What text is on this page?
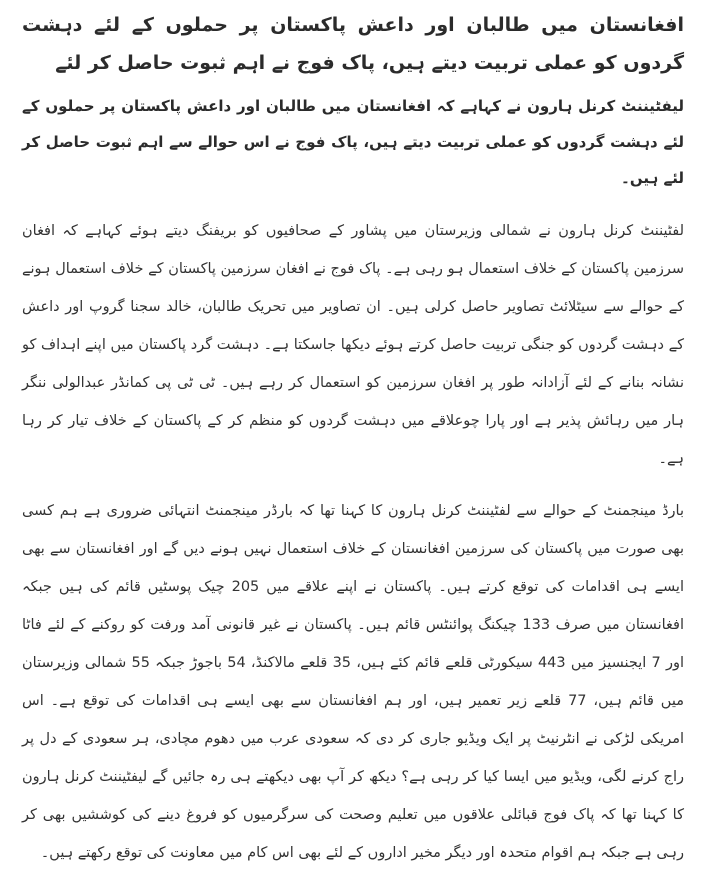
افغانستان میں طالبان اور داعش پاکستان پر حملوں کے لئے دہشت گردوں کو عملی تربیت دیتے ہیں، پاک فوج نے اہم ثبوت حاصل کر لئے

لیفٹیننٹ کرنل ہارون نے کہاہے کہ افغانستان میں طالبان اور داعش پاکستان پر حملوں کے لئے دہشت گردوں کو عملی تربیت دیتے ہیں، پاک فوج نے اس حوالے سے اہم ثبوت حاصل کر لئے ہیں۔

لفٹیننٹ کرنل ہارون نے شمالی وزیرستان میں پشاور کے صحافیوں کو بریفنگ دیتے ہوئے کہاہے کہ افغان سرزمین پاکستان کے خلاف استعمال ہو رہی ہے۔ پاک فوج نے افغان سرزمین پاکستان کے خلاف استعمال ہونے کے حوالے سے سیٹلائٹ تصاویر حاصل کرلی ہیں۔ ان تصاویر میں تحریک طالبان، خالد سجنا گروپ اور داعش کے دہشت گردوں کو جنگی تربیت حاصل کرتے ہوئے دیکھا جاسکتا ہے۔ دہشت گرد پاکستان میں اپنے اہداف کو نشانہ بنانے کے لئے آزادانہ طور پر افغان سرزمین کو استعمال کر رہے ہیں۔ ٹی ٹی پی کمانڈر عبدالولی ننگر ہار میں رہائش پذیر ہے اور پارا چوعلاقے میں دہشت گردوں کو منظم کر کے پاکستان کے خلاف تیار کر رہا ہے۔

بارڈ مینجمنٹ کے حوالے سے لفٹیننٹ کرنل ہارون کا کہنا تھا کہ بارڈر مینجمنٹ انتہائی ضروری ہے ہم کسی بھی صورت میں پاکستان کی سرزمین افغانستان کے خلاف استعمال نہیں ہونے دیں گے اور افغانستان سے بھی ایسے ہی اقدامات کی توقع کرتے ہیں۔ پاکستان نے اپنے علاقے میں 205 چیک پوسٹیں قائم کی ہیں جبکہ افغانستان میں صرف 133 چیکنگ پوائنٹس قائم ہیں۔ پاکستان نے غیر قانونی آمد ورفت کو روکنے کے لئے فاٹا اور 7 ایجنسیز میں 443 سیکورٹی قلعے قائم کئے ہیں، 35 قلعے مالاکنڈ، 54 باجوڑ جبکہ 55 شمالی وزیرستان میں قائم ہیں، 77 قلعے زیر تعمیر ہیں، اور ہم افغانستان سے بھی ایسے ہی اقدامات کی توقع ہے۔ اس امریکی لڑکی نے انٹرنیٹ پر ایک ویڈیو جاری کر دی کہ سعودی عرب میں دھوم مچادی، ہر سعودی کے دل پر راج کرنے لگی، ویڈیو میں ایسا کیا کر رہی ہے؟ دیکھ کر آپ بھی دیکھتے ہی رہ جائیں گے لیفٹیننٹ کرنل ہارون کا کہنا تھا کہ پاک فوج قبائلی علاقوں میں تعلیم وصحت کی سرگرمیوں کو فروغ دینے کی کوششیں بھی کر رہی ہے جبکہ ہم اقوام متحدہ اور دیگر مخیر اداروں کے لئے بھی اس کام میں معاونت کی توقع رکھتے ہیں۔
